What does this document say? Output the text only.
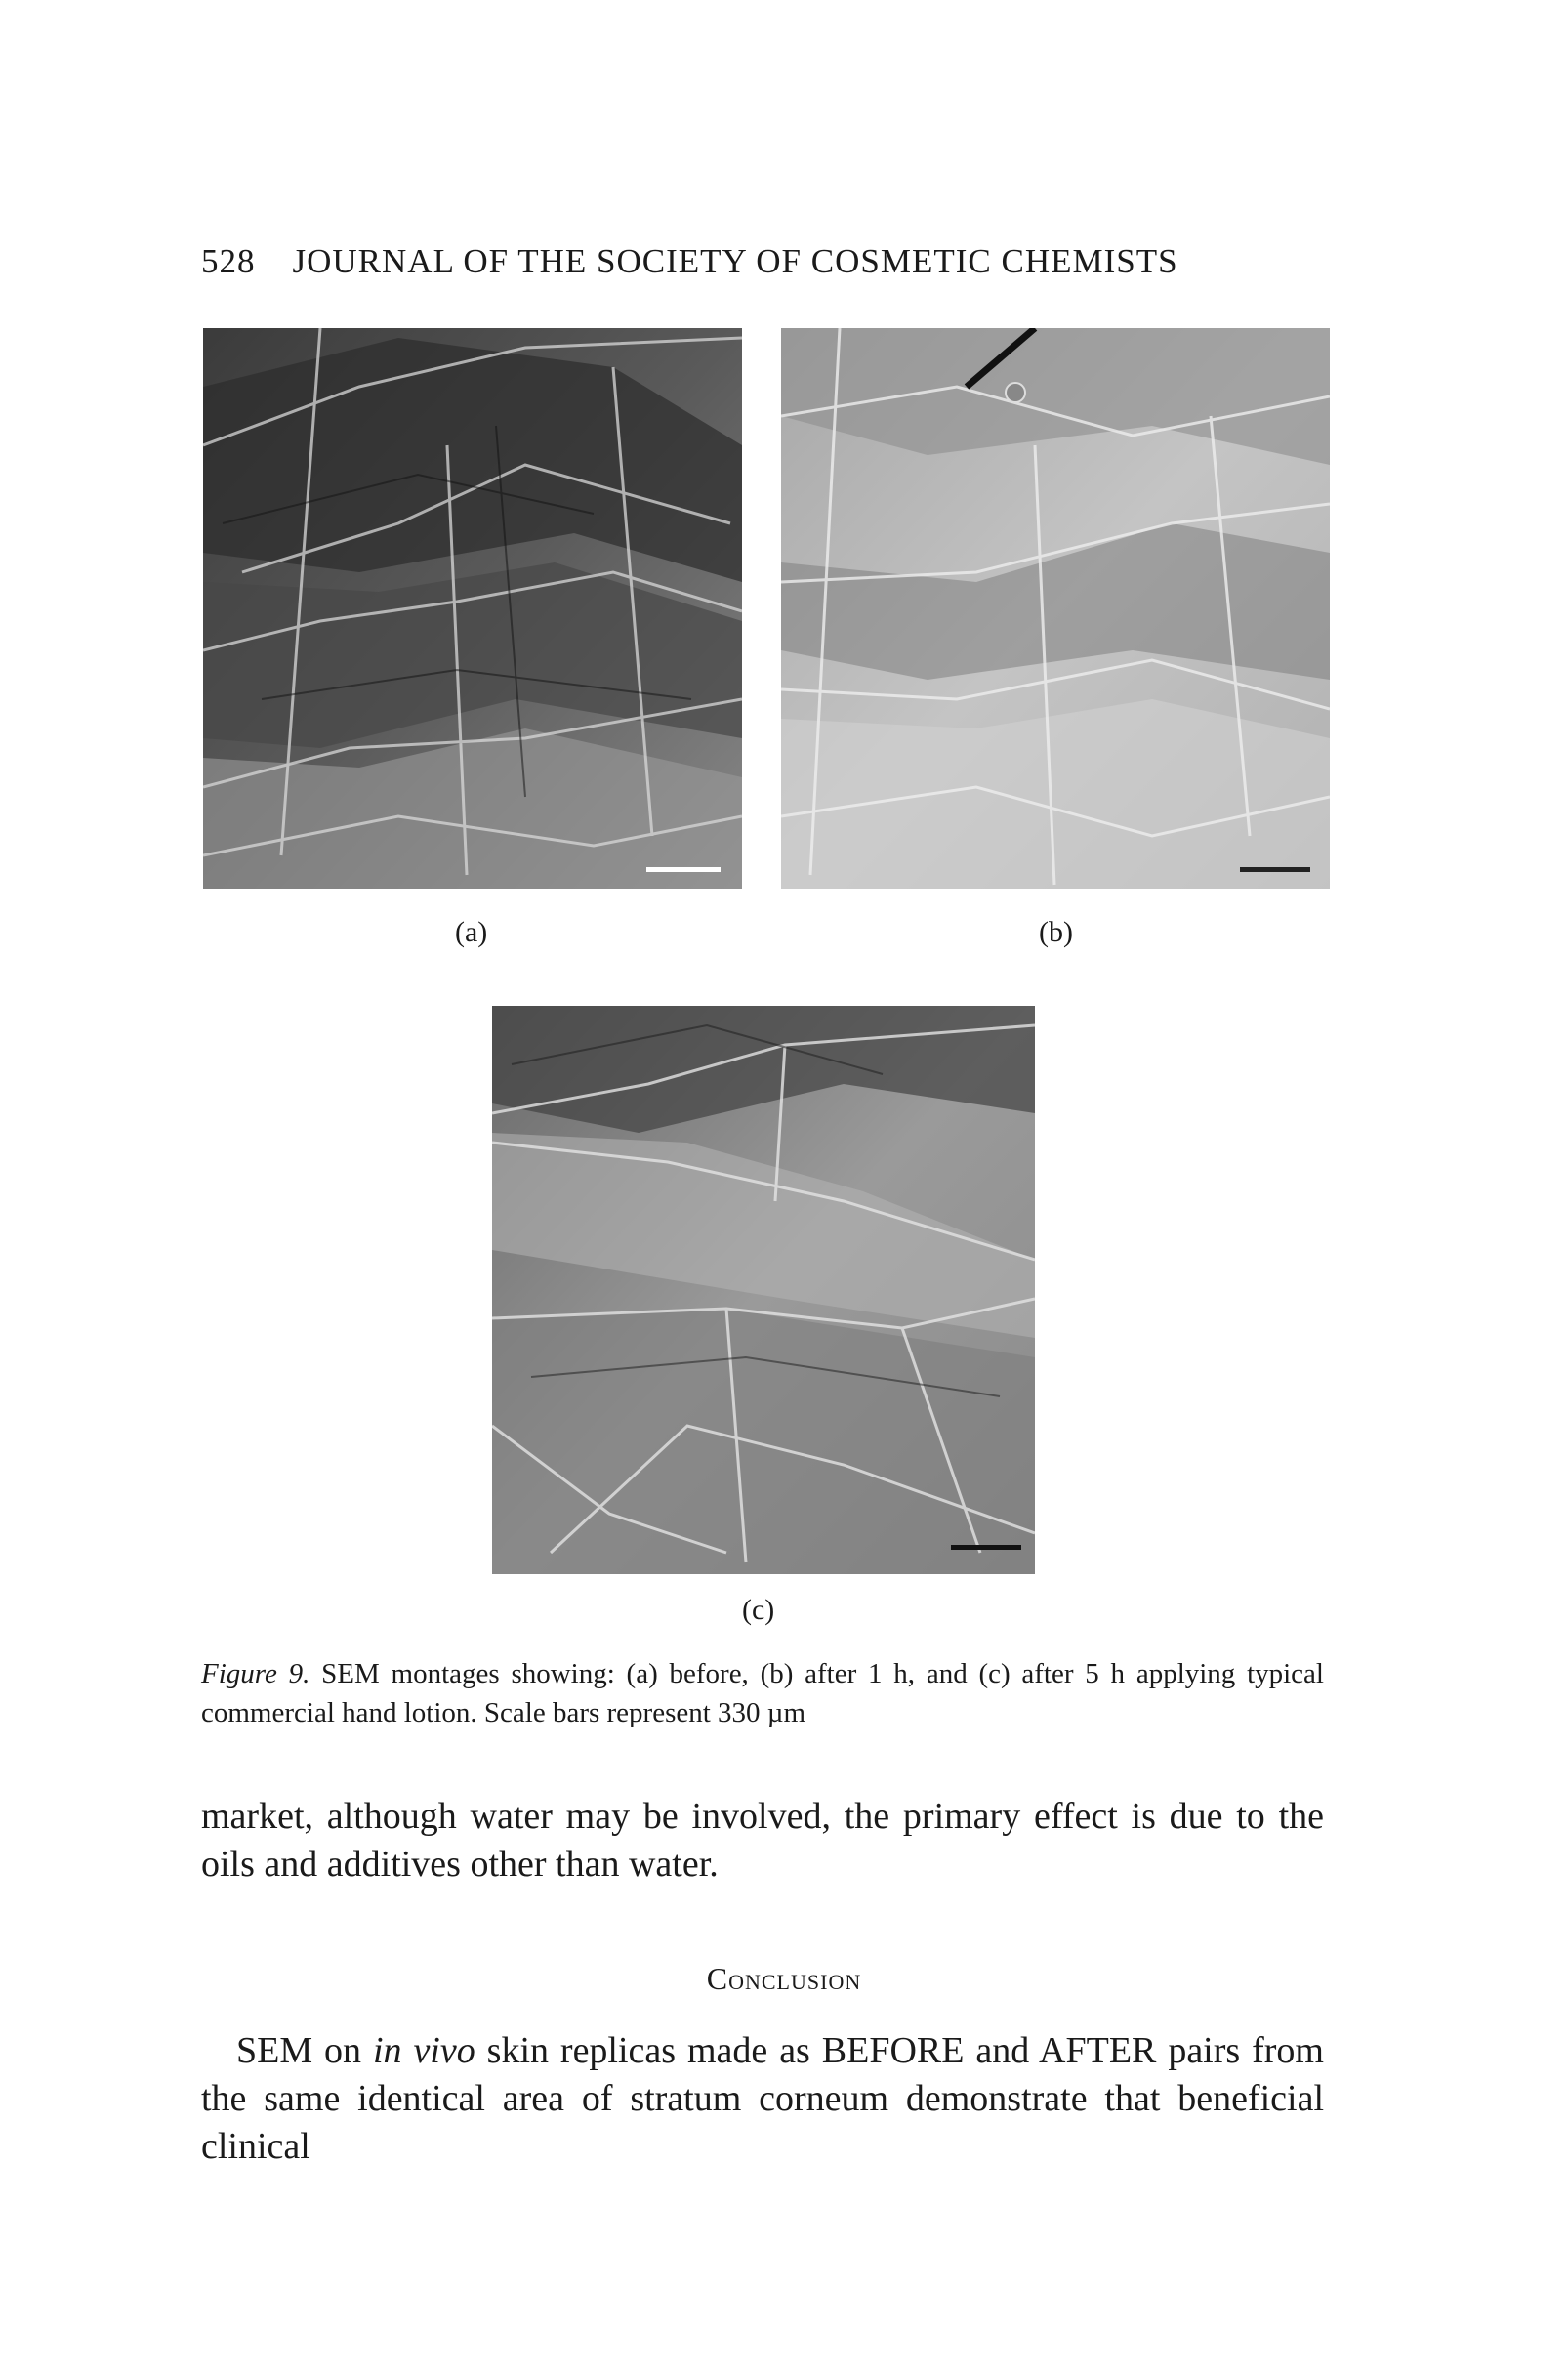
528 JOURNAL OF THE SOCIETY OF COSMETIC CHEMISTS
(a)	(b)
(c)
Figure 9. SEM montages showing: (a) before, (b) after 1 h, and (c) after 5 h applying typical commercial hand lotion. Scale bars represent 330 µm

market, although water may be involved, the primary effect is due to the oils and additives other than water.

Conclusion

SEM on in vivo skin replicas made as BEFORE and AFTER pairs from the same identical area of stratum corneum demonstrate that beneficial clinical
